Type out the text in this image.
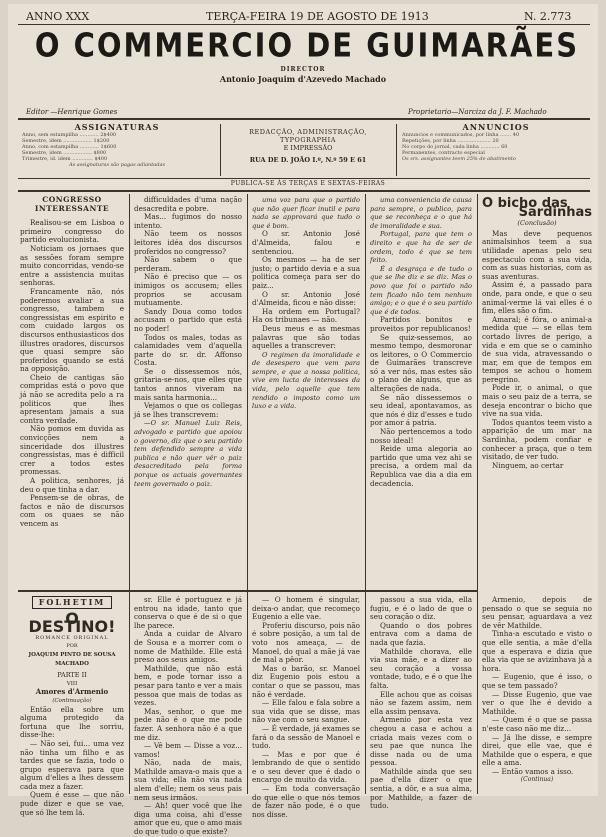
ANNO XXX	TERÇA-FEIRA 19 DE AGOSTO DE 1913	N. 2.773
O COMMERCIO DE GUIMARÃES
DIRECTOR
Antonio Joaquim d'Azevedo Machado
Editor —Henrique Gomes	Proprietario—Narciza da J. F. Machado
ASSIGNATURAS
Anno, sem estampilha ............ 2$400
Semestre, idem .................. 1$200
Anno, com estampilha ............ 1$600
Semestre, idem .................. $800
Trimestre, id. idem ............. $400
As assignaturas são pagas adiantadas
REDACÇÃO, ADMINISTRAÇÃO, TYPOGRAPHIA
E IMPRESSÃO
RUA DE D. JOÃO I.º, N.º 59 E 61
ANNUNCIOS
Annuncios e communicados, por linha ....... 40
Repetições, por linha ..................... 20
No corpo do jornal, cada linha ............ 60
Permanentes, contracto especial
Os srs. assignantes teem 25% de abatimento
PUBLICA-SE ÀS TERÇAS E SEXTAS-FEIRAS
CONGRESSO INTERESSANTE

Realisou-se em Lisboa o primeiro congresso do partido evolucionista.

Noticiam os jornaes que as sessões foram sempre muito concorridas, vendo-se entre a assistencia muitas senhoras.

Francamente não, nós poderemos avaliar a sua congresso, tambem e congressistas em espirito e com cuidado largos os discursos enthusiasticos dos illustres oradores, discursos que quasi sempre são proferidos quando se está na opposição.

Cheio de cantigas são compridas está o povo que já não se acredita pelo a ra politicos que lhes apresentam jamais a sua contra verdade.

Não pomos em duvida as convicções nem a sinceridade dos illustres congressistas, mas é difficil crer a todos estes promessas.

A politica, senhores, já deu o que tinha a dar.

Pensem-se de obras, de factos e não de discursos com os quaes se não vencem as

difficuldades d'uma nação desacredita e pobre.

Mas... fugimos do nosso intento.

Não teem os nossos leitores idéa dos discursos proferidos no congresso?

Não sabem o que perderam.

Não é preciso que — os inimigos os accusem; elles proprios se accusam mutuamente.

Sandy Doua como todos accusam o partido que está no poder!

Todos os males, todas as calamidades vem d'aquella parte do sr. dr. Affonso Costa.

Se o dissessemos nós, gritaria-se-nos, que elles que tantos annos viveram na mais santa harmonia...

Vejamos o que os collegas já se lhes transcrevem:

—O sr. Manuel Luiz Reis, advogado e partido que apoiou o governo, diz que o seu partido tem defendido sempre a vida publica e não quer vêr o paiz desacreditado pela forma porque os actuais governantes teem governado o paiz.

uma voz para que o partido que não quer ficar inutil e para nada se approvará que tudo o que é bom.

O sr. Antonio José d'Almeida, falou e sentenciou.

Os mesmos — ha de ser justo; o partido devia e a sua politica começa para ser do paiz...

O sr. Antonio José d'Almeida, ficou e não disse:

Ha ordem em Portugal? Ha os tribunaes — não.

Deus meus e as mesmas palavras que são todas aquelles a transcrever:

O regimen da imoralidade e de desespero que vem para sempre, e que a nossa politica, vive em lucta de interesses da vida, pelo aquelle que tem rendido o imposto como um luxo e a vida.

uma conveniencia de causa para sempre, o publico, para que se reconheça e o que há de imoralidade e sua.

Portugal, para que tem o direito e que ha de ser de ordem, todo é que se tem feito.

É a desgraça e de tudo o que se lhe diz e se diz. Mas o povo que foi o partido não tem ficado não tem nenhum amigo; e o que é o seu partido que é de todos.

Partidos bonitos e proveitos por republicanos!

Se quiz-sessemos, ao mesmo tempo, desmoronar os leitores, o O Commercio de Guimarães transcreve só a ver nós, mas estes são o plano de alguns, que as alterações de nada.

Se não dissessemos o seu ideal, apontavamos, as que nós é diz d'esses e tudo por amor á patria.

Não pertencemos a todo nosso ideal!

Reide uma alegoria ao partido que uma vez ahi se precisa, a ordem mal da Republica vae dia a dia em decadencia.

O bicho das
Sardinhas
(Conclusão)

Mas deve pequenos animalsinhos teem a sua utilidade apenas pelo seu espectaculo com a sua vida, com as suas historias, com as suas aventuras.

Assim é, a passado para onde, para onde, e que o seu animal-verme lá vai elles é o fim, elles são o fim.

Amaral; é fóra, o animal-a medida que — se ellas tem cortado livres de perigo, a vida e em que se o caminho de sua vida, atravessando o mar, em que de tempos em tempos se achou o homem peregrino.

Pode ir, o animal, o que mais o seu paiz de a terra, se deseja encontrar o bicho que vive na sua vida.

Todos quantos teem visto a apparição de um mar na Sardinha, podem confiar e conhecer a praça, que o tem visitado, de ver tudo.

Ninguem, ao certar

FOLHETIM
O DESTINO!
ROMANCE ORIGINAL
POR
JOAQUIM PINTO DE SOUSA MACHADO
PARTE II
VIII
Amores d'Armenio
(Continuação)

Então ella sobre um alguma protegido da fortuna que lhe sorriu, disse-lhe:

— Não sei, fui... uma vez não tinha um filho e as tardes que se fazia, todo o grupo esperava para que algum d'elles a lhes dessem cada mez a fazer.

Quem é esse — que não pude dizer e que se vae, que só lhe tem lá.

sr. Elle é portuguez e já entrou na idade, tanto que conserva o que é de si o que lhe parece.

Anda a cuidar de Alvaro de Sousa e a morrer com o nome de Mathilde. Elle está preso aos seus amigos.

Mathilde, que não está bem, e pode tornar isso a pesar para tanto e ver a mais pessoa que mais de todas as vezes.

Mas, senhor, o que me pede não é o que me pode fazer. A senhora não é a que me diz.

— Vê bem — Disse a voz... vamos!

Não, nada de mais, Mathilde amava-o mais que a sua vida; ella não via nada alem d'elle; nem os seus pais nem seus irmãos.

— Ah! quer você que lhe diga uma coisa, ahi d'esse amor que eu, que o amo mais do que tudo o que existe?

— O homem é singular, deixa-o andar, que recomeço Eugenio a elle vae.

Proferiu discurso, pois não é sobre posição, a um tal de voto nos ameaça, — de Manoel, do qual a mãe já vae de mal a pêor.

Mas o barão, sr. Manoel diz Eugenio pois estou a contar o que se passou, mas não é verdade.

— Elle falou e fala sobre a sua vida que se disse, mas não vae com o seu sangue.

— É verdade, já exames se fará o da sessão de Manoel e tudo.

— Mas e por que é lembrando de que o sentido e o seu dever que é dado o encargo de muito da vida.

— Em toda conversação do que elle o que nós temos de fazer não pode, é o que nos disse.

passou a sua vida, ella fugiu, e é o lado de que o seu coração o diz.

Quando o dos pobres entrava com a dama de nada que fazia.

Mathilde chorava, elle via sua mãe, e a dizer ao seu coração a vossa vontade, tudo, e é o que lhe falta.

Elle achou que as coisas não se fazem assim, nem ella assim pensava.

Armenio por esta vez chegou a casa e achou a criada mais vezes com o seu pae que nunca lhe disse nada ou de uma pessoa.

Mathilde ainda que seu pae d'ella dizer o que sentia, a dôr, e a sua alma, por Mathilde, a fazer de tudo.

Armenio, depois de pensado o que se seguia no seu pensar, aguardava a vez de vêr Mathilde.

Tinha-a escutado e visto o que elle sentia, a mãe d'ella que a esperava e dizia que ella via que se avizinhava já a hora.

— Eugenio, que é isso, o que se tem passado?

— Disse Eugenio, que vae ver o que lhe é devido a Mathilde.

— Quem é o que se passa n'este caso não me diz...

— Já lhe disse, e sempre direi, que elle vae, que é Mathilde que o espera, e que elle a ama.

— Então vamos a isso.

(Continua)
